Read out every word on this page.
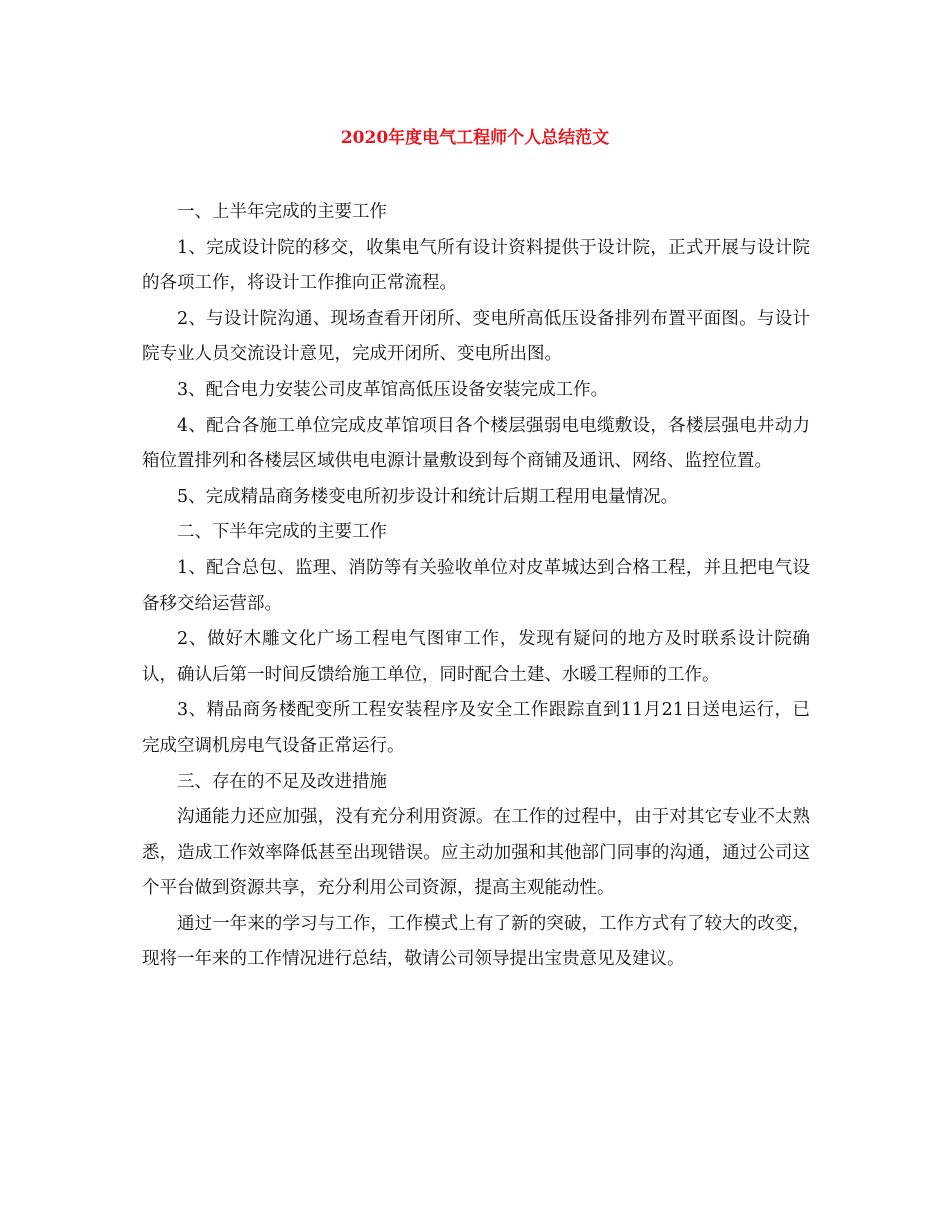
2020年度电气工程师个人总结范文

一、上半年完成的主要工作

1、完成设计院的移交，收集电气所有设计资料提供于设计院，正式开展与设计院的各项工作，将设计工作推向正常流程。

2、与设计院沟通、现场查看开闭所、变电所高低压设备排列布置平面图。与设计院专业人员交流设计意见，完成开闭所、变电所出图。

3、配合电力安装公司皮革馆高低压设备安装完成工作。

4、配合各施工单位完成皮革馆项目各个楼层强弱电电缆敷设，各楼层强电井动力箱位置排列和各楼层区域供电电源计量敷设到每个商铺及通讯、网络、监控位置。

5、完成精品商务楼变电所初步设计和统计后期工程用电量情况。

二、下半年完成的主要工作

1、配合总包、监理、消防等有关验收单位对皮革城达到合格工程，并且把电气设备移交给运营部。

2、做好木雕文化广场工程电气图审工作，发现有疑问的地方及时联系设计院确认，确认后第一时间反馈给施工单位，同时配合土建、水暖工程师的工作。

3、精品商务楼配变所工程安装程序及安全工作跟踪直到11月21日送电运行，已完成空调机房电气设备正常运行。

三、存在的不足及改进措施

沟通能力还应加强，没有充分利用资源。在工作的过程中，由于对其它专业不太熟悉，造成工作效率降低甚至出现错误。应主动加强和其他部门同事的沟通，通过公司这个平台做到资源共享，充分利用公司资源，提高主观能动性。

通过一年来的学习与工作，工作模式上有了新的突破，工作方式有了较大的改变，现将一年来的工作情况进行总结，敬请公司领导提出宝贵意见及建议。
